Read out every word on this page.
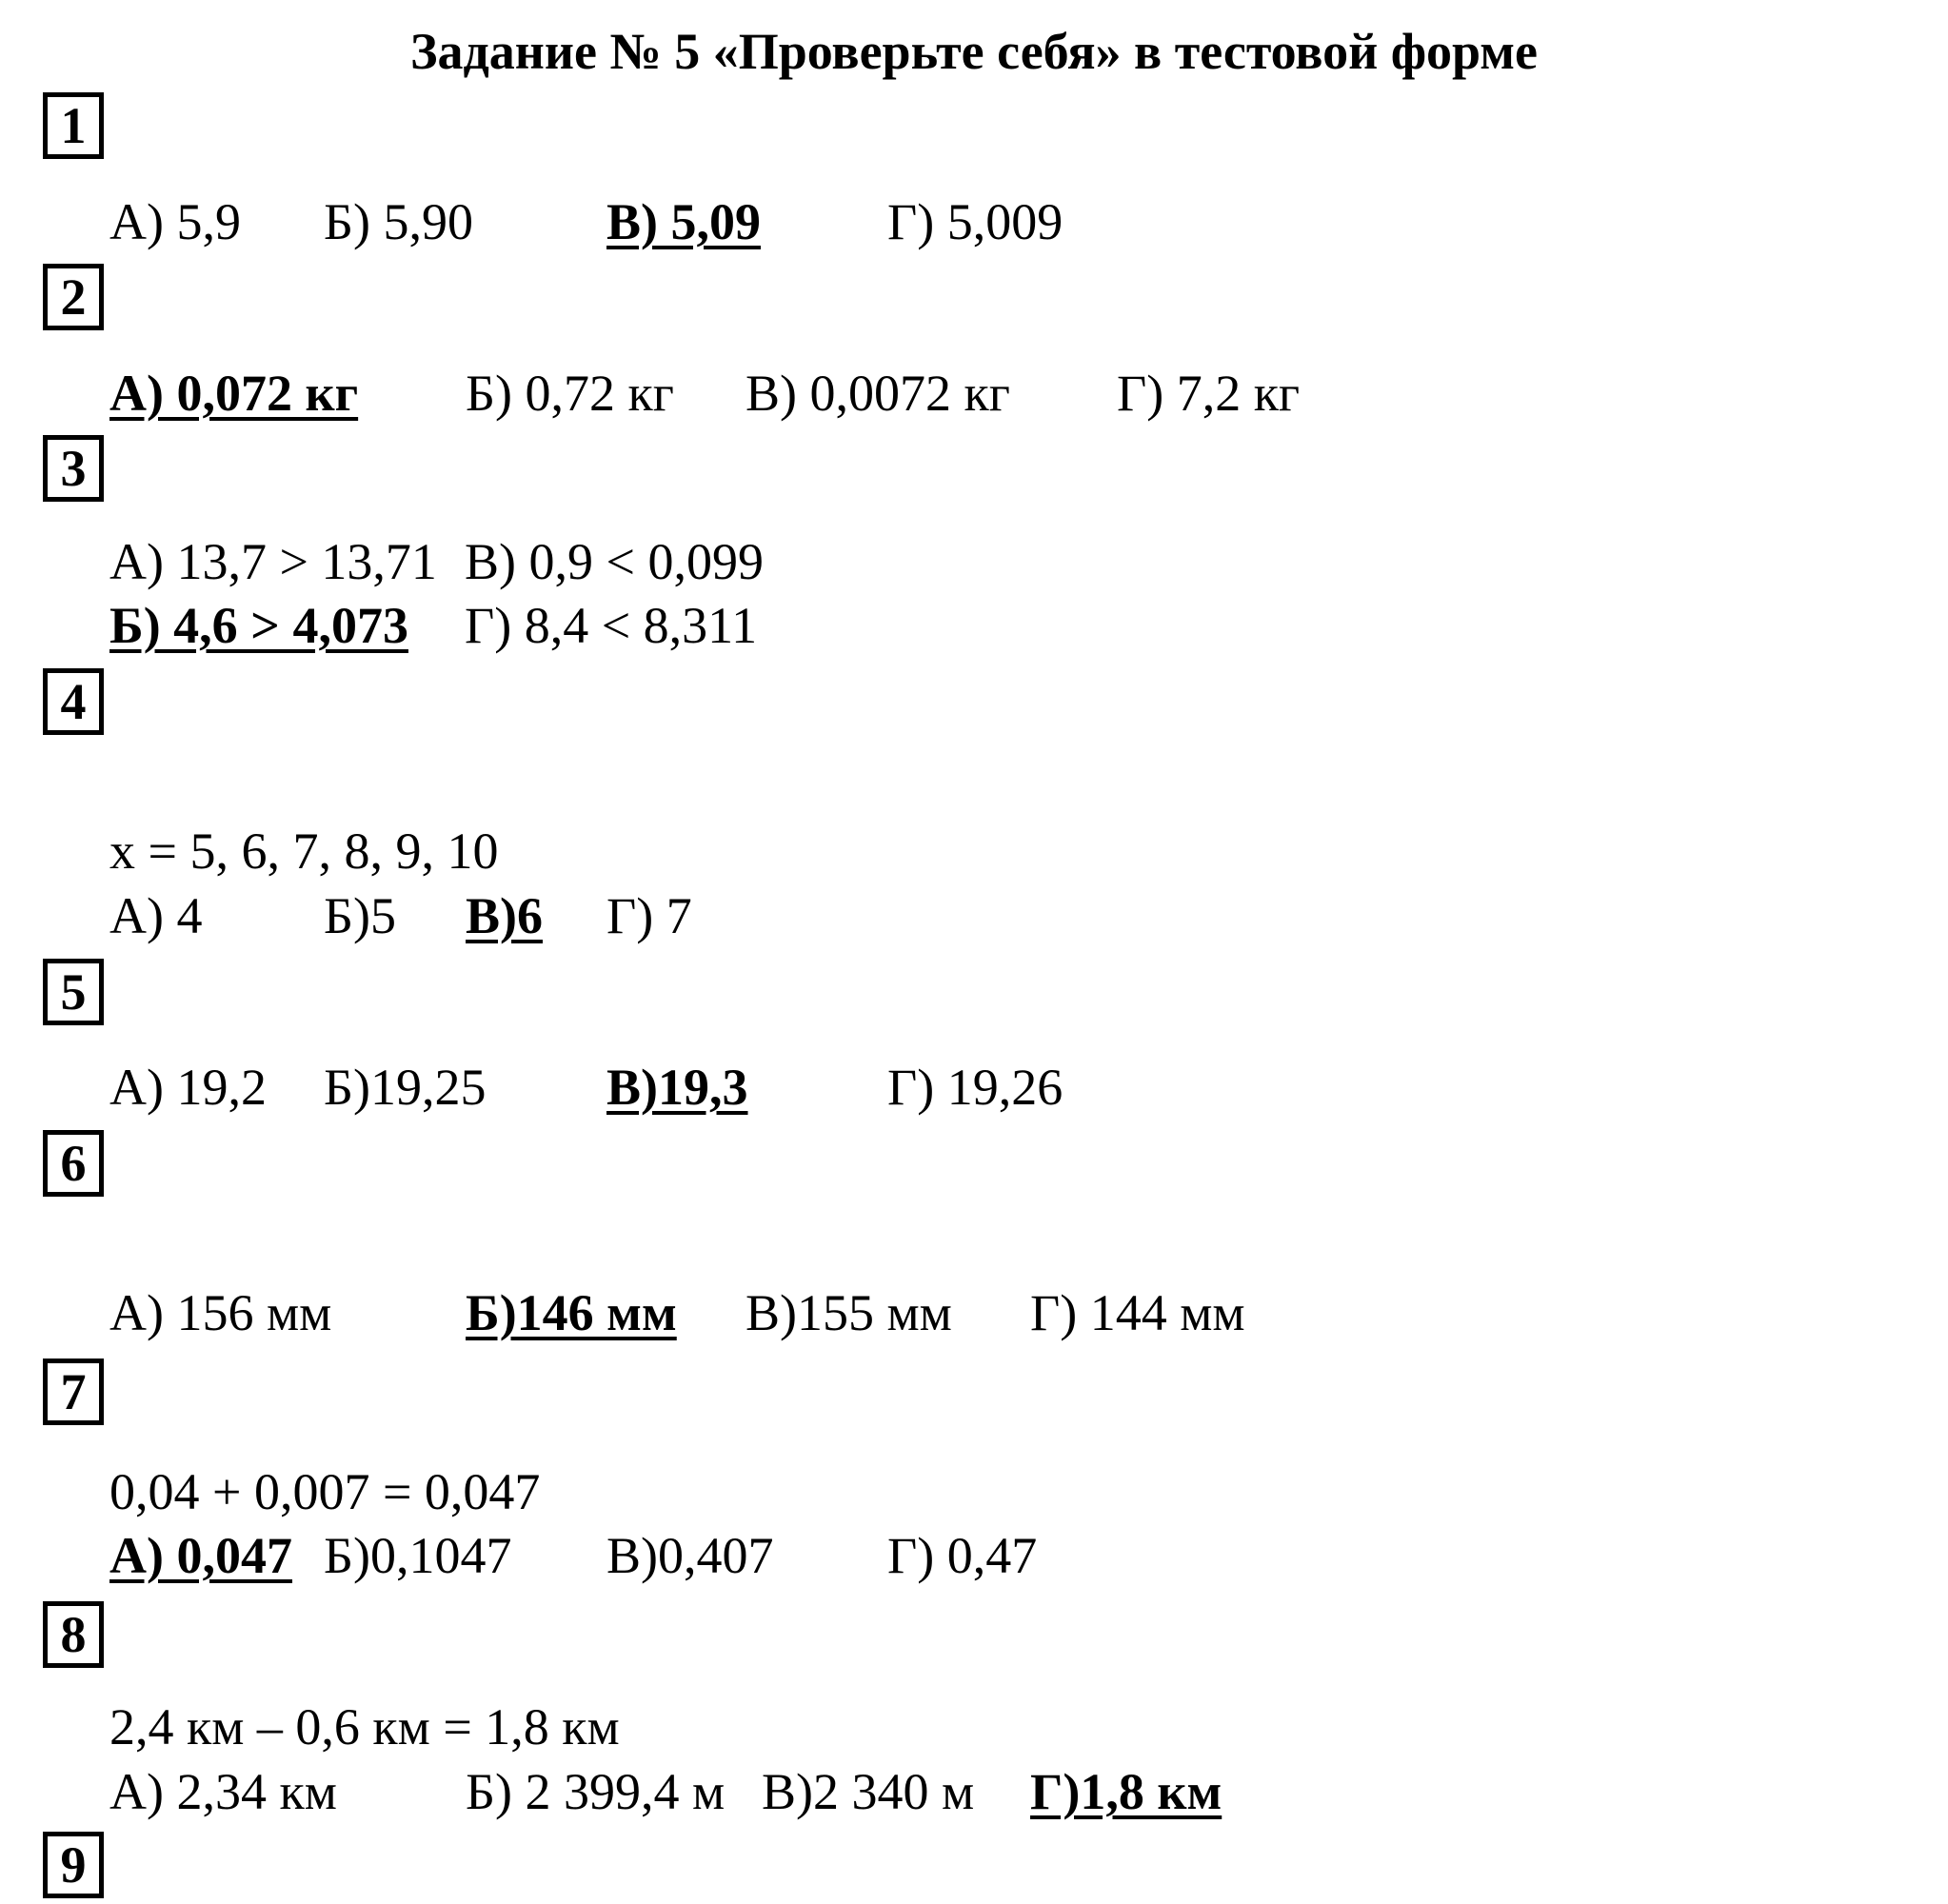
Задание № 5 «Проверьте себя» в тестовой форме
1
А) 5,9 Б) 5,90	В) 5,09 Г) 5,009
2
А) 0,072 кг Б) 0,72 кг В) 0,0072 кг Г) 7,2 кг
3
А) 13,7 > 13,71 В) 0,9 < 0,099
Б) 4,6 > 4,073 Г) 8,4 < 8,311
4
x = 5, 6, 7, 8, 9, 10
А) 4 Б)5 В)6 Г) 7
5
А) 19,2 Б)19,25 В)19,3	Г) 19,26
6
А) 156 мм	Б)146 мм В)155 мм Г) 144 мм
7
0,04 + 0,007 = 0,047
А) 0,047 Б)0,1047 В)0,407 Г) 0,47
8
2,4 км – 0,6 км = 1,8 км
А) 2,34 км	Б) 2 399,4 м В)2 340 м Г)1,8 км
9
